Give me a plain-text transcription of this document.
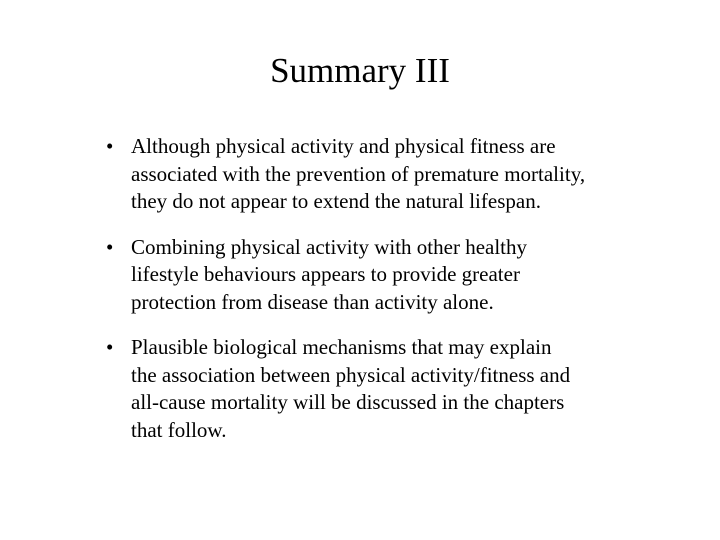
Summary III
• Although physical activity and physical fitness are
associated with the prevention of premature mortality,
they do not appear to extend the natural lifespan.
• Combining physical activity with other healthy
lifestyle behaviours appears to provide greater
protection from disease than activity alone.
• Plausible biological mechanisms that may explain
the association between physical activity/fitness and
all-cause mortality will be discussed in the chapters
that follow.
